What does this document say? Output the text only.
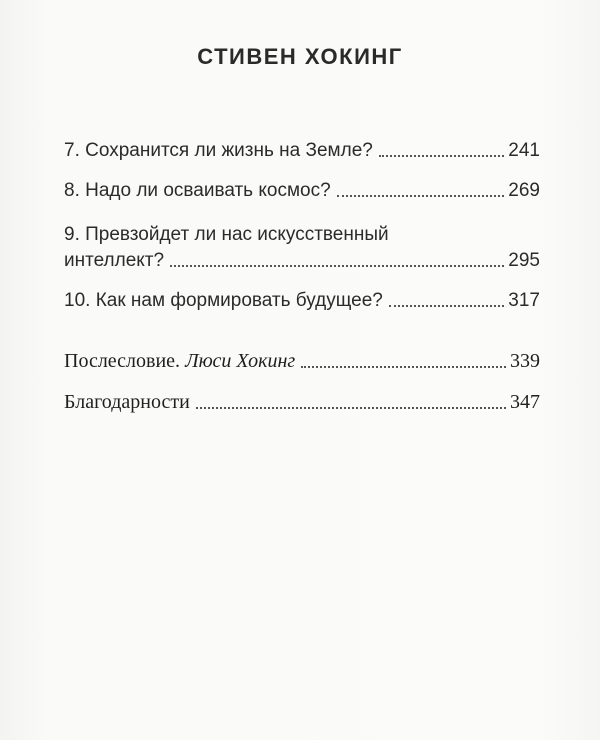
СТИВЕН ХОКИНГ
7. Сохранится ли жизнь на Земле?	241
8. Надо ли осваивать космос?	269
9. Превзойдет ли нас искусственный
интеллект?	295
10. Как нам формировать будущее?	317
Послесловие. Люси Хокинг	339
Благодарности	347
